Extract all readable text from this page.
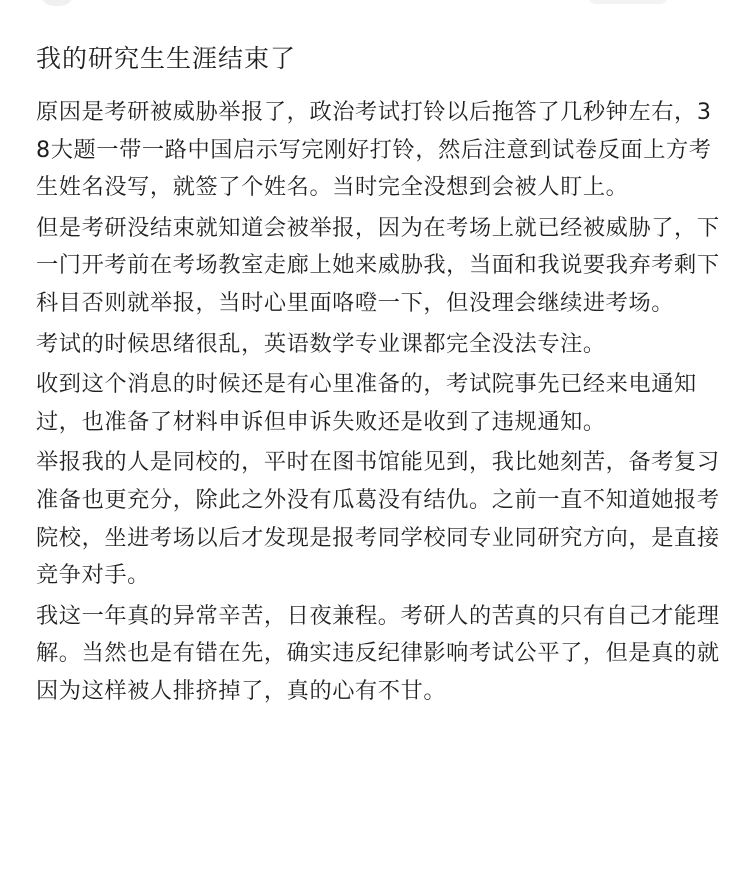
我的研究生生涯结束了

原因是考研被威胁举报了，政治考试打铃以后拖答了几秒钟左右，38大题一带一路中国启示写完刚好打铃，然后注意到试卷反面上方考生姓名没写，就签了个姓名。当时完全没想到会被人盯上。

但是考研没结束就知道会被举报，因为在考场上就已经被威胁了，下一门开考前在考场教室走廊上她来威胁我，当面和我说要我弃考剩下科目否则就举报，当时心里面咯噔一下，但没理会继续进考场。

考试的时候思绪很乱，英语数学专业课都完全没法专注。

收到这个消息的时候还是有心里准备的，考试院事先已经来电通知过，也准备了材料申诉但申诉失败还是收到了违规通知。

举报我的人是同校的，平时在图书馆能见到，我比她刻苦，备考复习准备也更充分，除此之外没有瓜葛没有结仇。之前一直不知道她报考院校，坐进考场以后才发现是报考同学校同专业同研究方向，是直接竞争对手。

我这一年真的异常辛苦，日夜兼程。考研人的苦真的只有自己才能理解。当然也是有错在先，确实违反纪律影响考试公平了，但是真的就因为这样被人排挤掉了，真的心有不甘。
